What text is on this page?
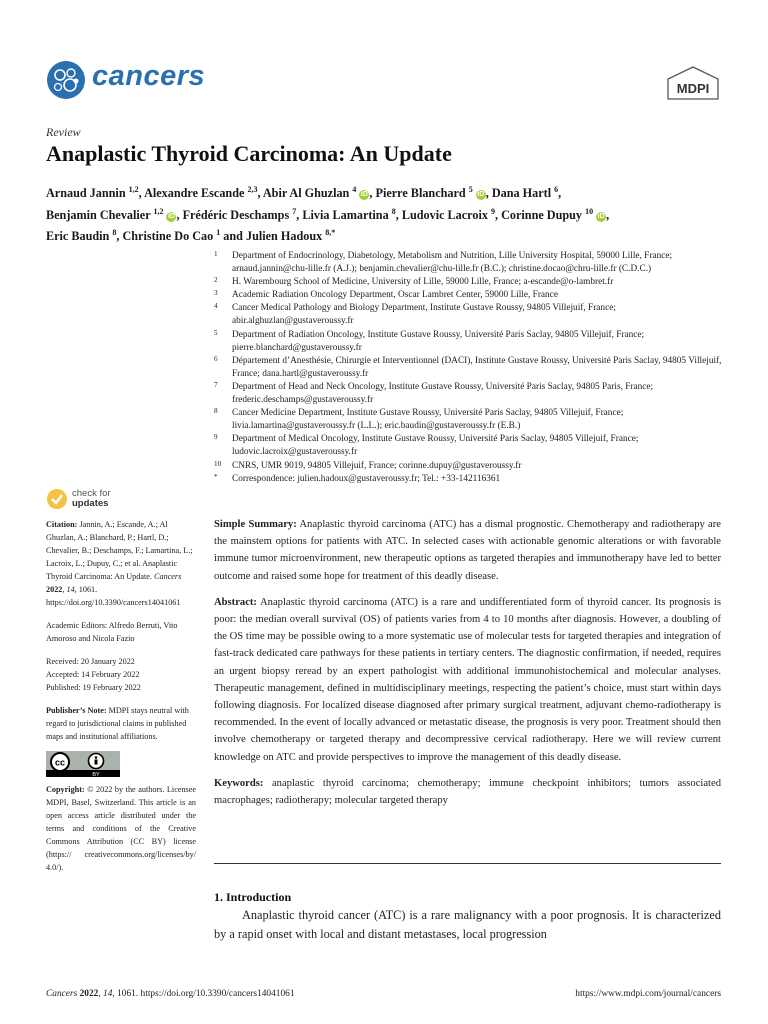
cancers	MDPI
Review
Anaplastic Thyroid Carcinoma: An Update
Arnaud Jannin $^{1,2}$, Alexandre Escande $^{2,3}$, Abir Al Ghuzlan $^4$ iD , Pierre Blanchard $^5$ iD , Dana Hartl $^6$,
Benjamin Chevalier $^{1,2}$ iD , Frédéric Deschamps $^7$, Livia Lamartina $^8$, Ludovic Lacroix $^9$, Corinne Dupuy $^{10}$ iD ,
Eric Baudin $^8$, Christine Do Cao $^1$ and Julien Hadoux $^{8,*}$
1 Department of Endocrinology, Diabetology, Metabolism and Nutrition, Lille University Hospital, 59000 Lille, France; arnaud.jannin@chu-lille.fr (A.J.); benjamin.chevalier@chu-lille.fr (B.C.); christine.docao@chru-lille.fr (C.D.C.)
2 H. Warembourg School of Medicine, University of Lille, 59000 Lille, France; a-escande@o-lambret.fr
3 Academic Radiation Oncology Department, Oscar Lambret Center, 59000 Lille, France
4 Cancer Medical Pathology and Biology Department, Institute Gustave Roussy, 94805 Villejuif, France; abir.alghuzlan@gustaveroussy.fr
5 Department of Radiation Oncology, Institute Gustave Roussy, Université Paris Saclay, 94805 Villejuif, France; pierre.blanchard@gustaveroussy.fr
6 Département d’Anesthésie, Chirurgie et Interventionnel (DACI), Institute Gustave Roussy, Université Paris Saclay, 94805 Villejuif, France; dana.hartl@gustaveroussy.fr
7 Department of Head and Neck Oncology, Institute Gustave Roussy, Université Paris Saclay, 94805 Paris, France; frederic.deschamps@gustaveroussy.fr
8 Cancer Medicine Department, Institute Gustave Roussy, Université Paris Saclay, 94805 Villejuif, France; livia.lamartina@gustaveroussy.fr (L.L.); eric.baudin@gustaveroussy.fr (E.B.)
9 Department of Medical Oncology, Institute Gustave Roussy, Université Paris Saclay, 94805 Villejuif, France; ludovic.lacroix@gustaveroussy.fr
10 CNRS, UMR 9019, 94805 Villejuif, France; corinne.dupuy@gustaveroussy.fr
* Correspondence: julien.hadoux@gustaveroussy.fr; Tel.: +33-142116361
check for
updates

Citation: Jannin, A.; Escande, A.; Al Ghuzlan, A.; Blanchard, P.; Hartl, D.; Chevalier, B.; Deschamps, F.; Lamartina, L.; Lacroix, L.; Dupuy, C.; et al. Anaplastic Thyroid Carcinoma: An Update. Cancers 2022, 14, 1061. https://doi.org/10.3390/cancers14041061

Academic Editors: Alfredo Berruti, Vito Amoroso and Nicola Fazio

Received: 20 January 2022

Accepted: 14 February 2022

Published: 19 February 2022

Publisher’s Note: MDPI stays neutral with regard to jurisdictional claims in published maps and institutional affiliations.

cc
BY

Copyright: © 2022 by the authors. Licensee MDPI, Basel, Switzerland. This article is an open access article distributed under the terms and conditions of the Creative Commons Attribution (CC BY) license (https:// creativecommons.org/licenses/by/ 4.0/).

Simple Summary: Anaplastic thyroid carcinoma (ATC) has a dismal prognostic. Chemotherapy and radiotherapy are the mainstem options for patients with ATC. In selected cases with actionable genomic alterations or with favorable immune tumor microenvironment, new therapeutic options as targeted therapies and immunotherapy have led to better outcome and raised some hope for treatment of this deadly disease.

Abstract: Anaplastic thyroid carcinoma (ATC) is a rare and undifferentiated form of thyroid cancer. Its prognosis is poor: the median overall survival (OS) of patients varies from 4 to 10 months after diagnosis. However, a doubling of the OS time may be possible owing to a more systematic use of molecular tests for targeted therapies and integration of fast-track dedicated care pathways for these patients in tertiary centers. The diagnostic confirmation, if needed, requires an urgent biopsy reread by an expert pathologist with additional immunohistochemical and molecular analyses. Therapeutic management, defined in multidisciplinary meetings, respecting the patient’s choice, must start within days following diagnosis. For localized disease diagnosed after primary surgical treatment, adjuvant chemo-radiotherapy is recommended. In the event of locally advanced or metastatic disease, the prognosis is very poor. Treatment should then involve chemotherapy or targeted therapy and decompressive cervical radiotherapy. Here we will review current knowledge on ATC and provide perspectives to improve the management of this deadly disease.

Keywords: anaplastic thyroid carcinoma; chemotherapy; immune checkpoint inhibitors; tumors associated macrophages; radiotherapy; molecular targeted therapy

1. Introduction
Anaplastic thyroid cancer (ATC) is a rare malignancy with a poor prognosis. It is characterized by a rapid onset with local and distant metastases, local progression
Cancers 2022, 14, 1061. https://doi.org/10.3390/cancers14041061	https://www.mdpi.com/journal/cancers
